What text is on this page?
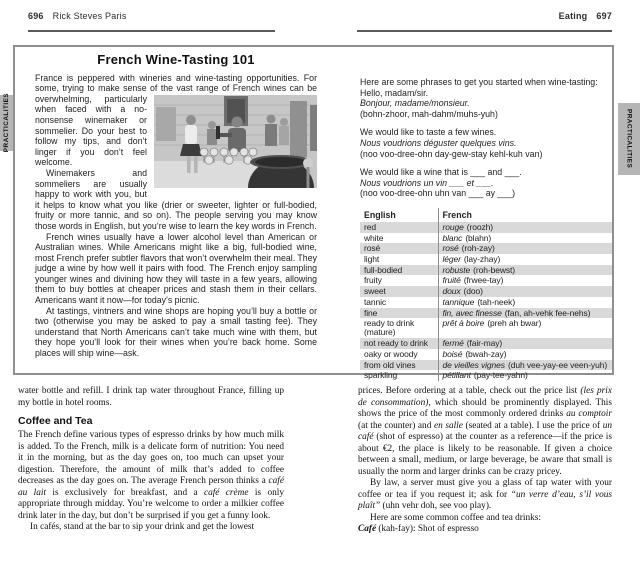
696 Rick Steves Paris	Eating 697
PRACTICALITIES	PRACTICALITIES
French Wine-Tasting 101

France is peppered with wineries and wine-tasting opportunities. For some, trying to make sense of the vast range of French wines can be overwhelming, particularly when faced with a no-nonsense winemaker or sommelier. Do your best to follow my tips, and don’t linger if you don’t feel welcome.

Winemakers and sommeliers are usually happy to work with you, but it helps to know what you like (drier or sweeter, lighter or full-bodied, fruity or more tannic, and so on). The people serving you may know those words in English, but you’re wise to learn the key words in French.

French wines usually have a lower alcohol level than American or Australian wines. While Americans might like a big, full-bodied wine, most French prefer subtler flavors that won’t overwhelm their meal. They judge a wine by how well it pairs with food. The French enjoy sampling younger wines and divining how they will taste in a few years, allowing them to buy bottles at cheaper prices and stash them in their cellars. Americans want it now—for today’s picnic.

At tastings, vintners and wine shops are hoping you’ll buy a bottle or two (otherwise you may be asked to pay a small tasting fee). They understand that North Americans can’t take much wine with them, but they hope you’ll look for their wines when you’re back home. Some places will ship wine—ask.

Here are some phrases to get you started when wine-tasting:
Hello, madam/sir.
Bonjour, madame/monsieur.
(bohn-zhoor, mah-dahm/muhs-yuh)
We would like to taste a few wines.
Nous voudrions déguster quelques vins.
(noo voo-dree-ohn day-gew-stay kehl-kuh van)
We would like a wine that is ___ and ___.
Nous voudrions un vin ___ et ___.
(noo voo-dree-ohn uhn van ___ ay ___)
English	French
red	rouge (roozh)
white	blanc (blahn)
rosé	rosé (roh-zay)
light	léger (lay-zhay)
full-bodied	robuste (roh-bewst)
fruity	fruité (frwee-tay)
sweet	doux (doo)
tannic	tannique (tah-neek)
fine	fin, avec finesse (fan, ah-vehk fee-nehs)
ready to drink (mature)	prêt à boire (preh ah bwar)
not ready to drink	fermé (fair-may)
oaky or woody	boisé (bwah-zay)
from old vines	de vieilles vignes (duh vee-yay-ee veen-yuh)
sparkling	pétillant (pay-tee-yahn)

water bottle and refill. I drink tap water throughout France, filling up my bottle in hotel rooms.

Coffee and Tea

The French define various types of espresso drinks by how much milk is added. To the French, milk is a delicate form of nutrition: You need it in the morning, but as the day goes on, too much can upset your digestion. Therefore, the amount of milk that’s added to coffee decreases as the day goes on. The average French person thinks a café au lait is exclusively for breakfast, and a café crème is only appropriate through midday. You’re welcome to order a milkier coffee drink later in the day, but don’t be surprised if you get a funny look.

In cafés, stand at the bar to sip your drink and get the lowest

prices. Before ordering at a table, check out the price list (les prix de consommation), which should be prominently displayed. This shows the price of the most commonly ordered drinks au comptoir (at the counter) and en salle (seated at a table). I use the price of un café (shot of espresso) at the counter as a reference—if the price is about €2, the place is likely to be reasonable. If given a choice between a small, medium, or large beverage, be aware that small is usually the norm and larger drinks can be crazy pricey.

By law, a server must give you a glass of tap water with your coffee or tea if you request it; ask for “un verre d’eau, s’il vous plaît” (uhn vehr doh, see voo play).

Here are some common coffee and tea drinks:

Café (kah-fay): Shot of espresso
